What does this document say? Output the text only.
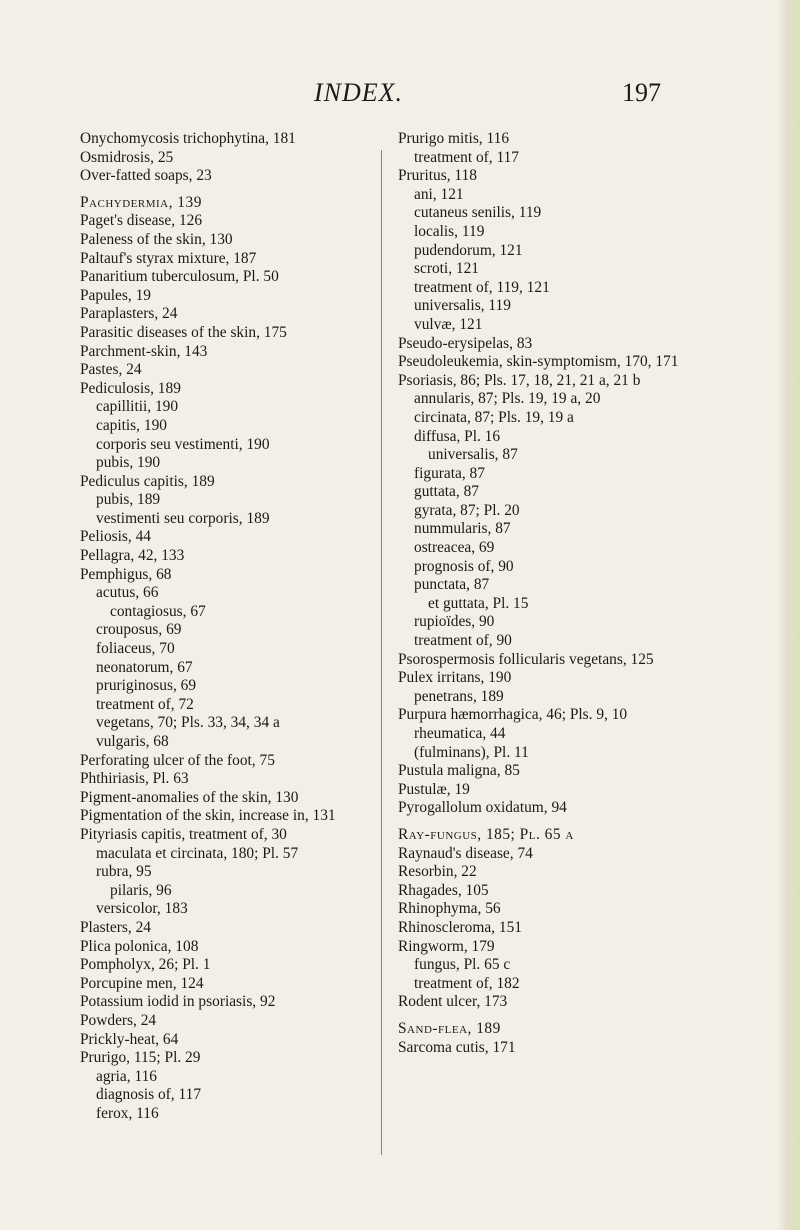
INDEX.	197
Onychomycosis trichophytina, 181
Osmidrosis, 25
Over-fatted soaps, 23
Pachydermia, 139
Paget's disease, 126
Paleness of the skin, 130
Paltauf's styrax mixture, 187
Panaritium tuberculosum, Pl. 50
Papules, 19
Paraplasters, 24
Parasitic diseases of the skin, 175
Parchment-skin, 143
Pastes, 24
Pediculosis, 189
capillitii, 190
capitis, 190
corporis seu vestimenti, 190
pubis, 190
Pediculus capitis, 189
pubis, 189
vestimenti seu corporis, 189
Peliosis, 44
Pellagra, 42, 133
Pemphigus, 68
acutus, 66
contagiosus, 67
crouposus, 69
foliaceus, 70
neonatorum, 67
pruriginosus, 69
treatment of, 72
vegetans, 70; Pls. 33, 34, 34 a
vulgaris, 68
Perforating ulcer of the foot, 75
Phthiriasis, Pl. 63
Pigment-anomalies of the skin, 130
Pigmentation of the skin, increase in, 131
Pityriasis capitis, treatment of, 30
maculata et circinata, 180; Pl. 57
rubra, 95
pilaris, 96
versicolor, 183
Plasters, 24
Plica polonica, 108
Pompholyx, 26; Pl. 1
Porcupine men, 124
Potassium iodid in psoriasis, 92
Powders, 24
Prickly-heat, 64
Prurigo, 115; Pl. 29
agria, 116
diagnosis of, 117
ferox, 116
Prurigo mitis, 116
treatment of, 117
Pruritus, 118
ani, 121
cutaneus senilis, 119
localis, 119
pudendorum, 121
scroti, 121
treatment of, 119, 121
universalis, 119
vulvæ, 121
Pseudo-erysipelas, 83
Pseudoleukemia, skin-symptomism, 170, 171
Psoriasis, 86; Pls. 17, 18, 21, 21 a, 21 b
annularis, 87; Pls. 19, 19 a, 20
circinata, 87; Pls. 19, 19 a
diffusa, Pl. 16
universalis, 87
figurata, 87
guttata, 87
gyrata, 87; Pl. 20
nummularis, 87
ostreacea, 69
prognosis of, 90
punctata, 87
et guttata, Pl. 15
rupioïdes, 90
treatment of, 90
Psorospermosis follicularis vegetans, 125
Pulex irritans, 190
penetrans, 189
Purpura hæmorrhagica, 46; Pls. 9, 10
rheumatica, 44
(fulminans), Pl. 11
Pustula maligna, 85
Pustulæ, 19
Pyrogallolum oxidatum, 94
Ray-fungus, 185; Pl. 65 a
Raynaud's disease, 74
Resorbin, 22
Rhagades, 105
Rhinophyma, 56
Rhinoscleroma, 151
Ringworm, 179
fungus, Pl. 65 c
treatment of, 182
Rodent ulcer, 173
Sand-flea, 189
Sarcoma cutis, 171
